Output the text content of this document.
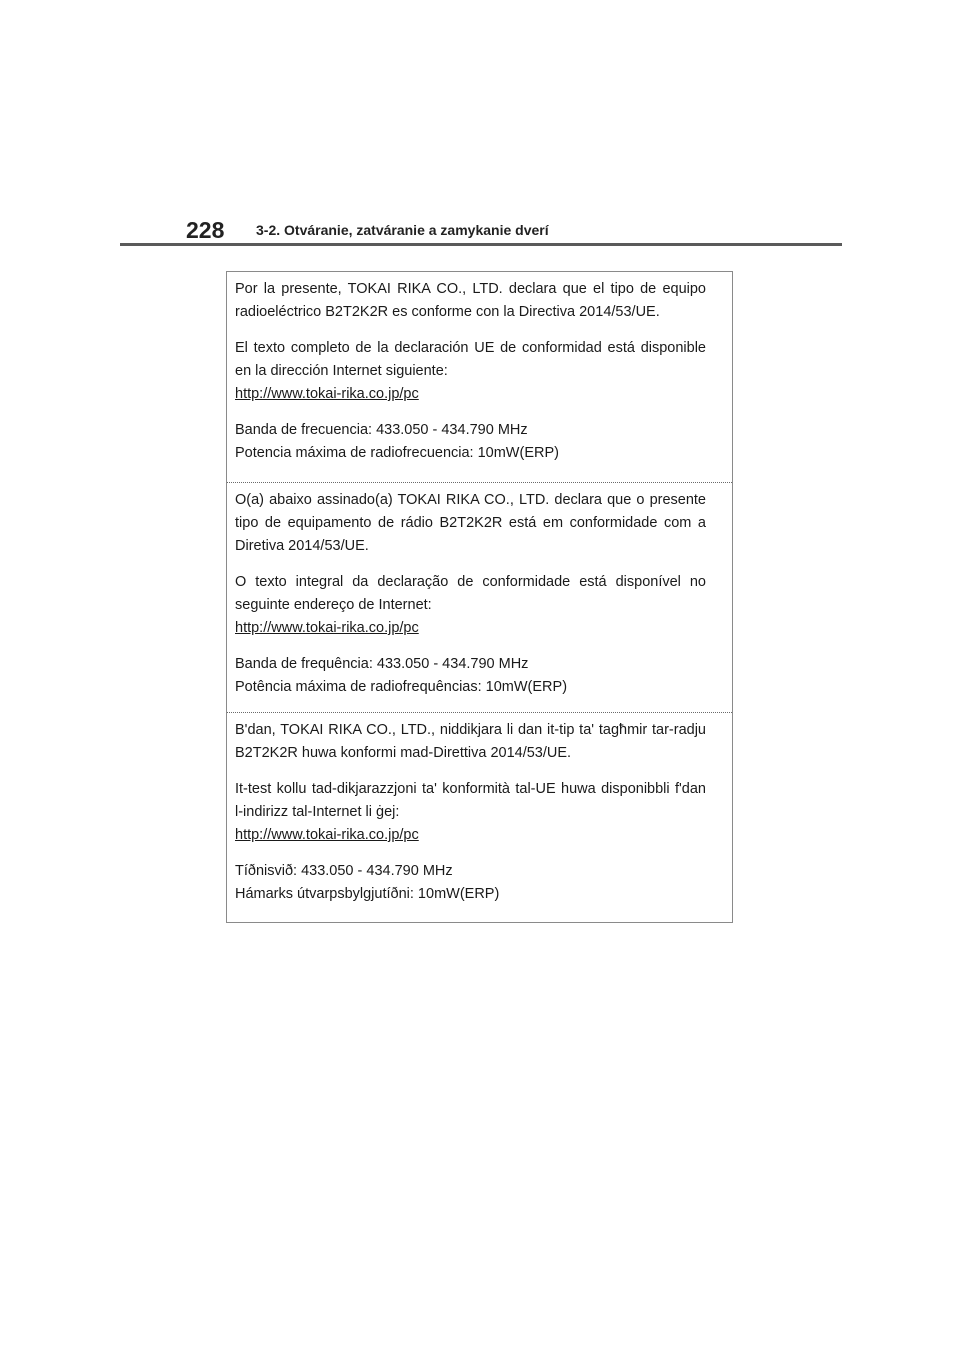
228	3-2. Otváranie, zatváranie a zamykanie dverí

Por la presente, TOKAI RIKA CO., LTD. declara que el tipo de equipo radioeléctrico B2T2K2R es conforme con la Directiva 2014/53/UE.

El texto completo de la declaración UE de conformidad está disponible en la dirección Internet siguiente:
http://www.tokai-rika.co.jp/pc

Banda de frecuencia: 433.050 - 434.790 MHz
Potencia máxima de radiofrecuencia: 10mW(ERP)

O(a) abaixo assinado(a) TOKAI RIKA CO., LTD. declara que o presente tipo de equipamento de rádio B2T2K2R está em conformidade com a Diretiva 2014/53/UE.

O texto integral da declaração de conformidade está disponível no seguinte endereço de Internet:
http://www.tokai-rika.co.jp/pc

Banda de frequência: 433.050 - 434.790 MHz
Potência máxima de radiofrequências: 10mW(ERP)

B'dan, TOKAI RIKA CO., LTD., niddikjara li dan it-tip ta' tagħmir tar-radju B2T2K2R huwa konformi mad-Direttiva 2014/53/UE.

It-test kollu tad-dikjarazzjoni ta' konformità tal-UE huwa disponibbli f'dan l-indirizz tal-Internet li ġej:
http://www.tokai-rika.co.jp/pc

Tíðnisvið: 433.050 - 434.790 MHz
Hámarks útvarpsbylgjutíðni: 10mW(ERP)
